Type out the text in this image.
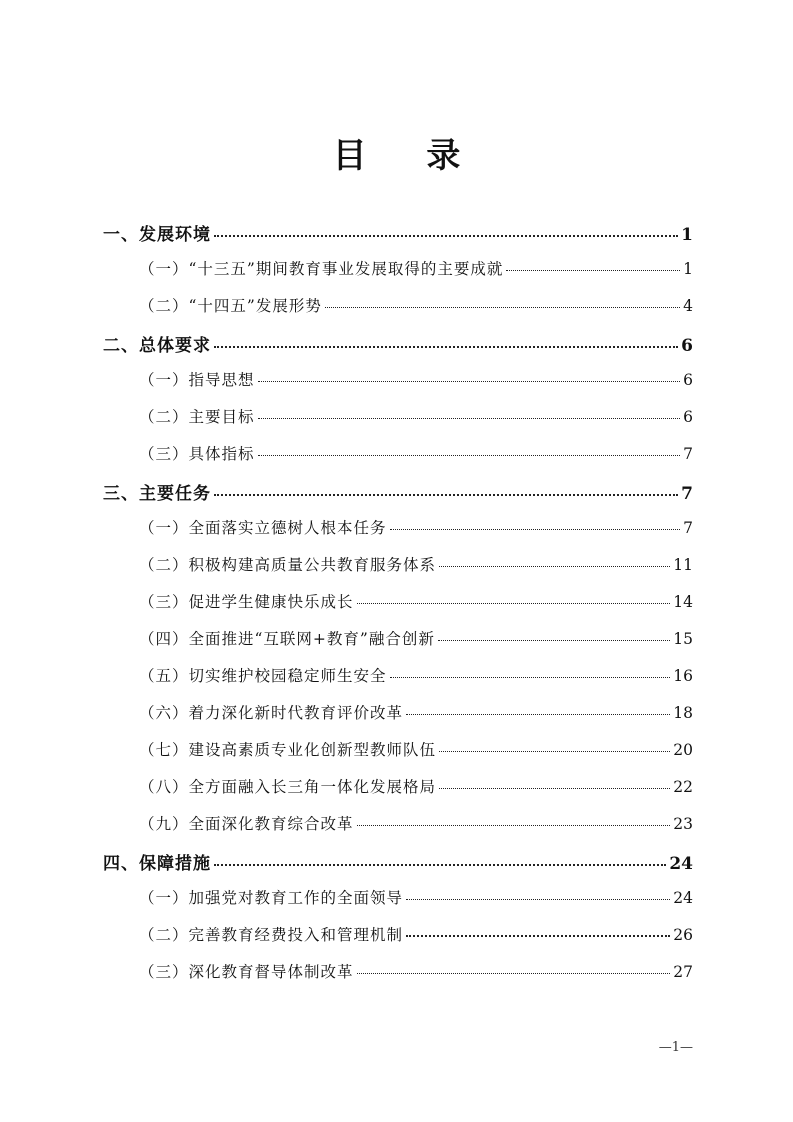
目 录
一、发展环境	1
（一）“十三五”期间教育事业发展取得的主要成就	1
（二）“十四五”发展形势	4
二、总体要求	6
（一）指导思想	6
（二）主要目标	6
（三）具体指标	7
三、主要任务	7
（一）全面落实立德树人根本任务	7
（二）积极构建高质量公共教育服务体系	11
（三）促进学生健康快乐成长	14
（四）全面推进“互联网+教育”融合创新	15
（五）切实维护校园稳定师生安全	16
（六）着力深化新时代教育评价改革	18
（七）建设高素质专业化创新型教师队伍	20
（八）全方面融入长三角一体化发展格局	22
（九）全面深化教育综合改革	23
四、保障措施	24
（一）加强党对教育工作的全面领导	24
（二）完善教育经费投入和管理机制	26
（三）深化教育督导体制改革	27
—1—
